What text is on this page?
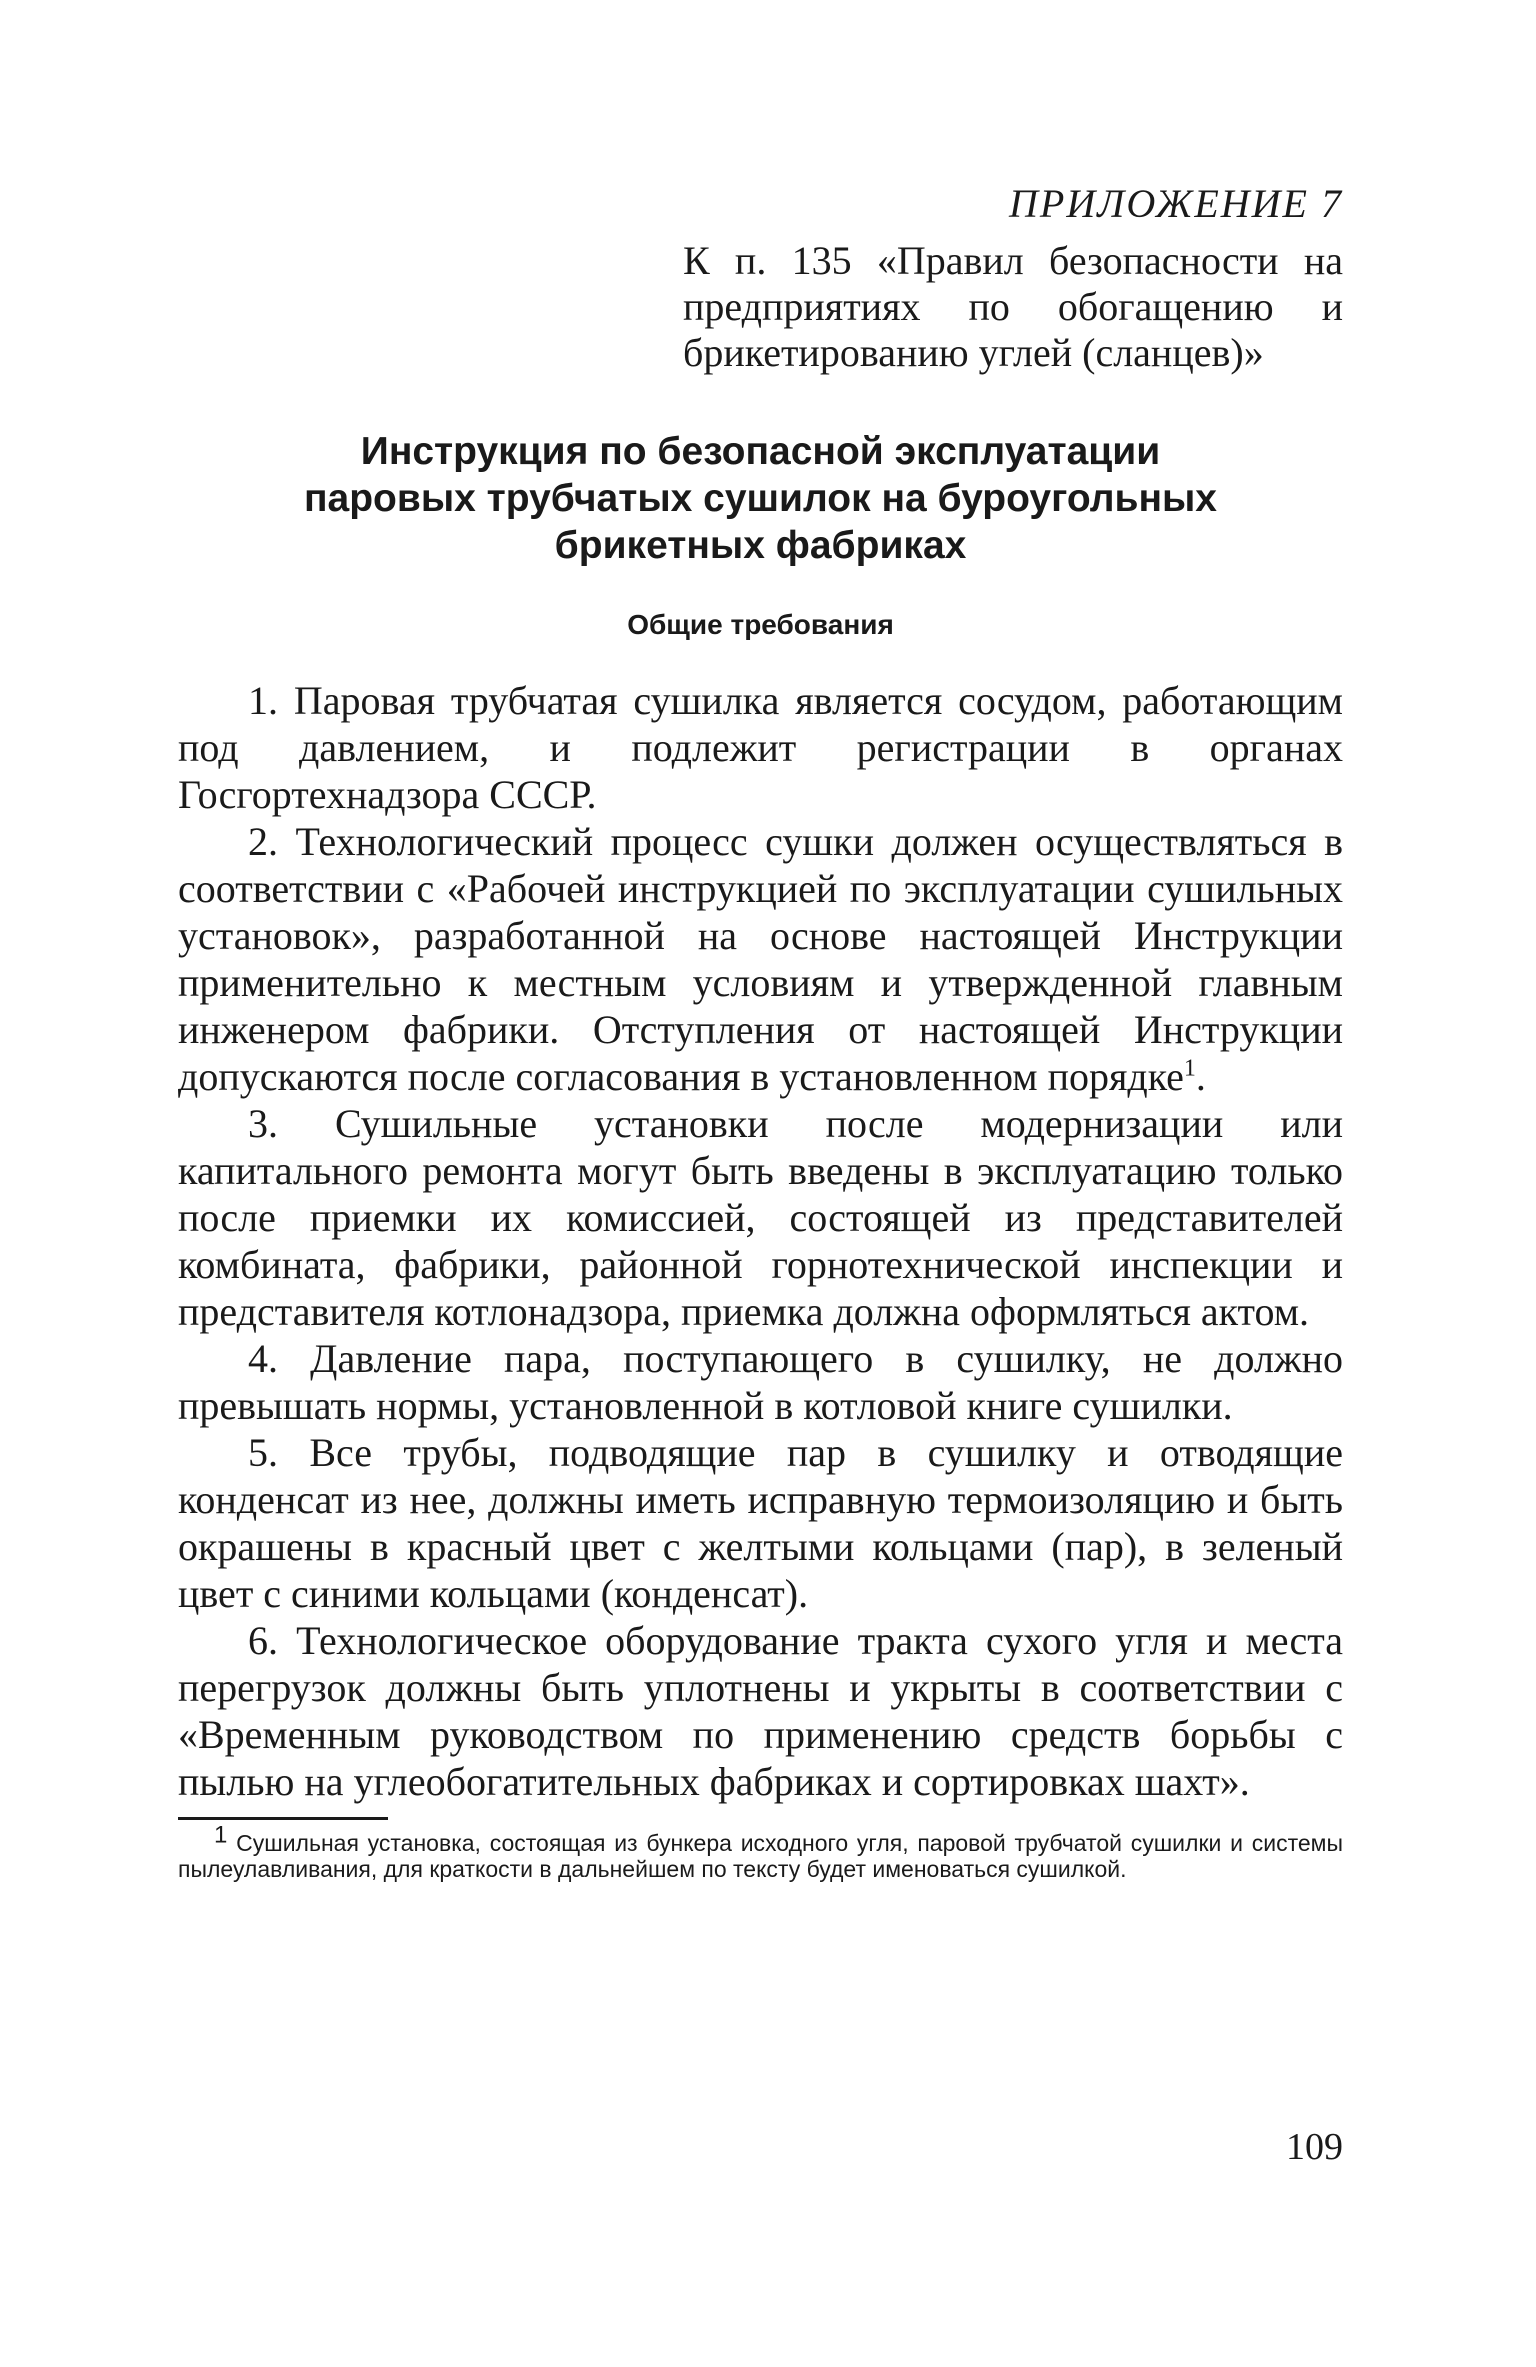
ПРИЛОЖЕНИЕ 7
К п. 135 «Правил безопасности на предприятиях по обогащению и брикетированию углей (сланцев)»
Инструкция по безопасной эксплуатации
паровых трубчатых сушилок на буроугольных
брикетных фабриках
Общие требования

1. Паровая трубчатая сушилка является сосудом, работающим под давлением, и подлежит регистрации в органах Госгортехнадзора СССР.

2. Технологический процесс сушки должен осуществляться в соответствии с «Рабочей инструкцией по эксплуатации сушильных установок», разработанной на основе настоящей Инструкции применительно к местным условиям и утвержденной главным инженером фабрики. Отступления от настоящей Инструкции допускаются после согласования в установленном порядке$^1$.

3. Сушильные установки после модернизации или капитального ремонта могут быть введены в эксплуатацию только после приемки их комиссией, состоящей из представителей комбината, фабрики, районной горнотехнической инспекции и представителя котлонадзора, приемка должна оформляться актом.

4. Давление пара, поступающего в сушилку, не должно превышать нормы, установленной в котловой книге сушилки.

5. Все трубы, подводящие пар в сушилку и отводящие конденсат из нее, должны иметь исправную термоизоляцию и быть окрашены в красный цвет с желтыми кольцами (пар), в зеленый цвет с синими кольцами (конденсат).

6. Технологическое оборудование тракта сухого угля и места перегрузок должны быть уплотнены и укрыты в соответствии с «Временным руководством по применению средств борьбы с пылью на углеобогатительных фабриках и сортировках шахт».

$^1$ Сушильная установка, состоящая из бункера исходного угля, паровой трубчатой сушилки и системы пылеулавливания, для краткости в дальнейшем по тексту будет именоваться сушилкой.
109
